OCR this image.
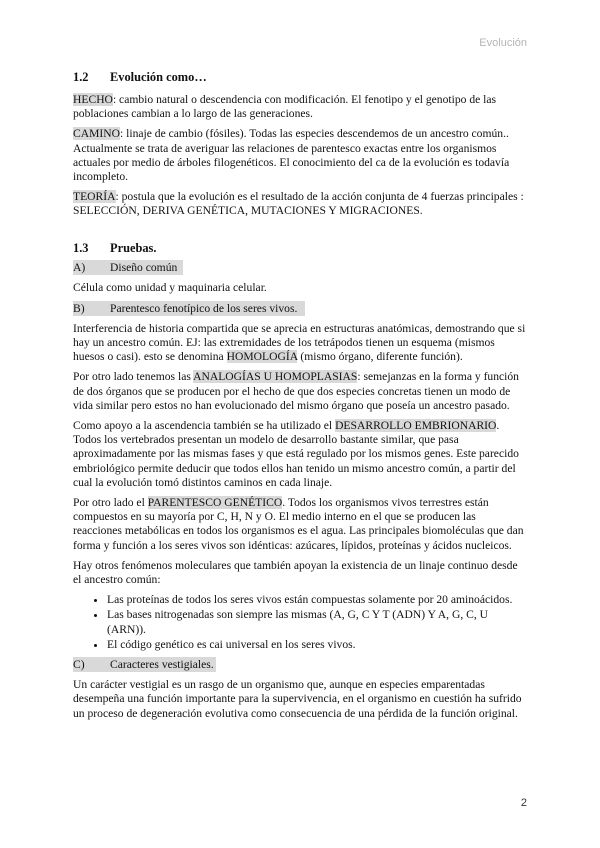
Evolución
1.2	Evolución como…

HECHO: cambio natural o descendencia con modificación. El fenotipo y el genotipo de las poblaciones cambian a lo largo de las generaciones.

CAMINO: linaje de cambio (fósiles). Todas las especies descendemos de un ancestro común.. Actualmente se trata de averiguar las relaciones de parentesco exactas entre los organismos actuales por medio de árboles filogenéticos. El conocimiento del ca de la evolución es todavía incompleto.

TEORÍA: postula que la evolución es el resultado de la acción conjunta de 4 fuerzas principales : SELECCIÓN, DERIVA GENÉTICA, MUTACIONES Y MIGRACIONES.

1.3	Pruebas.
A)	Diseño común

Célula como unidad y maquinaria celular.

B)	Parentesco fenotípico de los seres vivos.

Interferencia de historia compartida que se aprecia en estructuras anatómicas, demostrando que si hay un ancestro común. EJ: las extremidades de los tetrápodos tienen un esquema (mismos huesos o casi). esto se denomina HOMOLOGÍA (mismo órgano, diferente función).

Por otro lado tenemos las ANALOGÍAS U HOMOPLASIAS: semejanzas en la forma y función de dos órganos que se producen por el hecho de que dos especies concretas tienen un modo de vida similar pero estos no han evolucionado del mismo órgano que poseía un ancestro pasado.

Como apoyo a la ascendencia también se ha utilizado el DESARROLLO EMBRIONARIO. Todos los vertebrados presentan un modelo de desarrollo bastante similar, que pasa aproximadamente por las mismas fases y que está regulado por los mismos genes. Este parecido embriológico permite deducir que todos ellos han tenido un mismo ancestro común, a partir del cual la evolución tomó distintos caminos en cada linaje.

Por otro lado el PARENTESCO GENÉTICO. Todos los organismos vivos terrestres están compuestos en su mayoría por C, H, N y O. El medio interno en el que se producen las reacciones metabólicas en todos los organismos es el agua. Las principales biomoléculas que dan forma y función a los seres vivos son idénticas: azúcares, lípidos, proteínas y ácidos nucleicos.

Hay otros fenómenos moleculares que también apoyan la existencia de un linaje continuo desde el ancestro común:

• Las proteínas de todos los seres vivos están compuestas solamente por 20 aminoácidos.
• Las bases nitrogenadas son siempre las mismas (A, G, C Y T (ADN) Y A, G, C, U (ARN)).
• El código genético es cai universal en los seres vivos.
C)	Caracteres vestigiales.

Un carácter vestigial es un rasgo de un organismo que, aunque en especies emparentadas desempeña una función importante para la supervivencia, en el organismo en cuestión ha sufrido un proceso de degeneración evolutiva como consecuencia de una pérdida de la función original.

2
